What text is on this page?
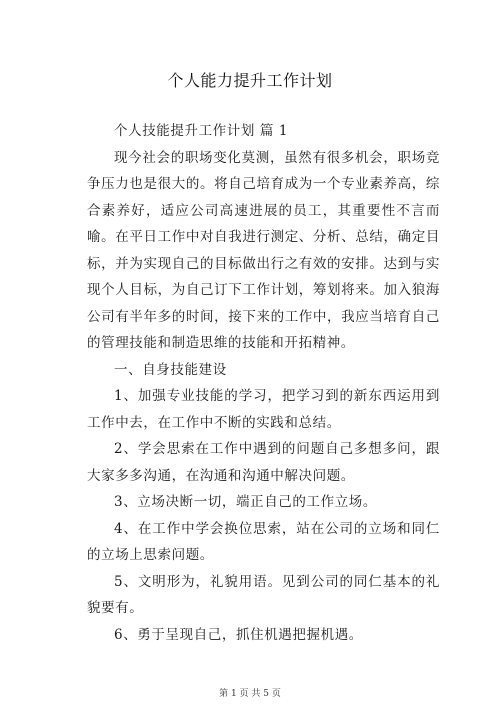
个人能力提升工作计划

个人技能提升工作计划 篇 1

现今社会的职场变化莫测，虽然有很多机会，职场竞争压力也是很大的。将自己培育成为一个专业素养高，综合素养好，适应公司高速进展的员工，其重要性不言而喻。在平日工作中对自我进行测定、分析、总结，确定目标，并为实现自己的目标做出行之有效的安排。达到与实现个人目标，为自己订下工作计划，筹划将来。加入狼海公司有半年多的时间，接下来的工作中，我应当培育自己的管理技能和制造思维的技能和开拓精神。

一、自身技能建设

1、加强专业技能的学习，把学习到的新东西运用到工作中去，在工作中不断的实践和总结。

2、学会思索在工作中遇到的问题自己多想多问，跟大家多多沟通，在沟通和沟通中解决问题。

3、立场决断一切，端正自己的工作立场。

4、在工作中学会换位思索，站在公司的立场和同仁的立场上思索问题。

5、文明形为，礼貌用语。见到公司的同仁基本的礼貌要有。

6、勇于呈现自己，抓住机遇把握机遇。

第 1 页 共 5 页
